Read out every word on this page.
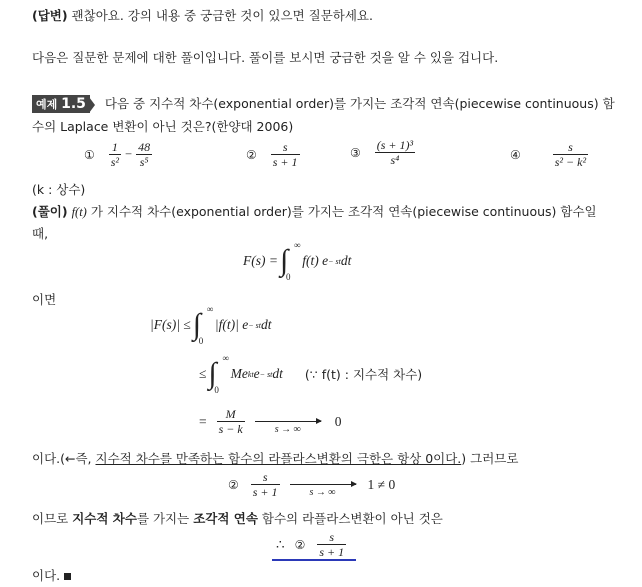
(답변) 괜찮아요. 강의 내용 중 궁금한 것이 있으면 질문하세요.
다음은 질문한 문제에 대한 풀이입니다. 풀이를 보시면 궁금한 것을 알 수 있을 겁니다.
예제 1.5 다음 중 지수적 차수(exponential order)를 가지는 조각적 연속(piecewise continuous) 함
수의 Laplace 변환이 아닌 것은?(한양대 2006)
① $\frac{1}{\text{s²}} - \frac{48}{\text{s⁵}}$	② $\frac{s}{s + 1}$	③ $\frac{\text{(s + 1)³}}{\text{s⁴}}$	④	$\frac{s}{\text{s² − k²}}$
(k : 상수)
(풀이) f(t) 가 지수적 차수(exponential order)를 가지는 조각적 연속(piecewise continuous) 함수일
때,
F(s) = ∫ ∞
0
f(t) e − st dt
이면
|F(s)| ≤ ∫ ∞
0
|f(t)| e − st dt
≤ ∫ ∞
0
Me kt e − st dt (∵ f(t) : 지수적 차수)
= $\frac{M}{s - k}$	s → ∞
0
이다.(←즉, 지수적 차수를 만족하는 함수의 라플라스변환의 극한은 항상 0이다.) 그러므로
② $\frac{s}{s + 1}$	s → ∞
1 ≠ 0
이므로 지수적 차수를 가지는 조각적 연속 함수의 라플라스변환이 아닌 것은
∴ ② $\frac{s}{s + 1}$
이다.
